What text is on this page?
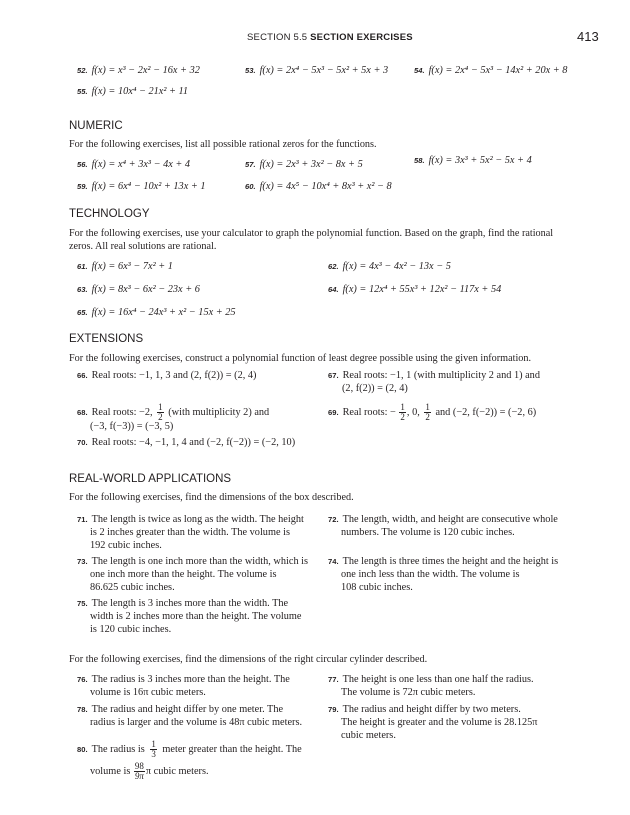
SECTION 5.5 SECTION EXERCISES	413
52. f(x) = x³ − 2x² − 16x + 32	53. f(x) = 2x⁴ − 5x³ − 5x² + 5x + 3	54. f(x) = 2x⁴ − 5x³ − 14x² + 20x + 8
55. f(x) = 10x⁴ − 21x² + 11
NUMERIC
For the following exercises, list all possible rational zeros for the functions.
56. f(x) = x⁴ + 3x³ − 4x + 4	57. f(x) = 2x³ + 3x² − 8x + 5	58. f(x) = 3x³ + 5x² − 5x + 4
59. f(x) = 6x⁴ − 10x² + 13x + 1	60. f(x) = 4x⁵ − 10x⁴ + 8x³ + x² − 8
TECHNOLOGY
For the following exercises, use your calculator to graph the polynomial function. Based on the graph, find the rational
zeros. All real solutions are rational.
61. f(x) = 6x³ − 7x² + 1	62. f(x) = 4x³ − 4x² − 13x − 5
63. f(x) = 8x³ − 6x² − 23x + 6	64. f(x) = 12x⁴ + 55x³ + 12x² − 117x + 54
65. f(x) = 16x⁴ − 24x³ + x² − 15x + 25
EXTENSIONS
For the following exercises, construct a polynomial function of least degree possible using the given information.
66. Real roots: −1, 1, 3 and (2, f(2)) = (2, 4)	67. Real roots: −1, 1 (with multiplicity 2 and 1) and
(2, f(2)) = (2, 4)
68. Real roots: −2, $\frac{1}{2}$ (with multiplicity 2) and
(−3, f(−3)) = (−3, 5)
69. Real roots: − $\frac{1}{2}$ , 0, $\frac{1}{2}$ and (−2, f(−2)) = (−2, 6)
70. Real roots: −4, −1, 1, 4 and (−2, f(−2)) = (−2, 10)
REAL-WORLD APPLICATIONS
For the following exercises, find the dimensions of the box described.
71. The length is twice as long as the width. The height
is 2 inches greater than the width. The volume is
192 cubic inches.
72. The length, width, and height are consecutive whole
numbers. The volume is 120 cubic inches.
73. The length is one inch more than the width, which is
one inch more than the height. The volume is
86.625 cubic inches.
74. The length is three times the height and the height is
one inch less than the width. The volume is
108 cubic inches.
75. The length is 3 inches more than the width. The
width is 2 inches more than the height. The volume
is 120 cubic inches.
For the following exercises, find the dimensions of the right circular cylinder described.
76. The radius is 3 inches more than the height. The
volume is 16π cubic meters.
77. The height is one less than one half the radius.
The volume is 72π cubic meters.
78. The radius and height differ by one meter. The
radius is larger and the volume is 48π cubic meters.
79. The radius and height differ by two meters.
The height is greater and the volume is 28.125π
cubic meters.
80. The radius is $\frac{1}{3}$ meter greater than the height. The
volume is $\frac{98}{9\pi}$ π cubic meters.
